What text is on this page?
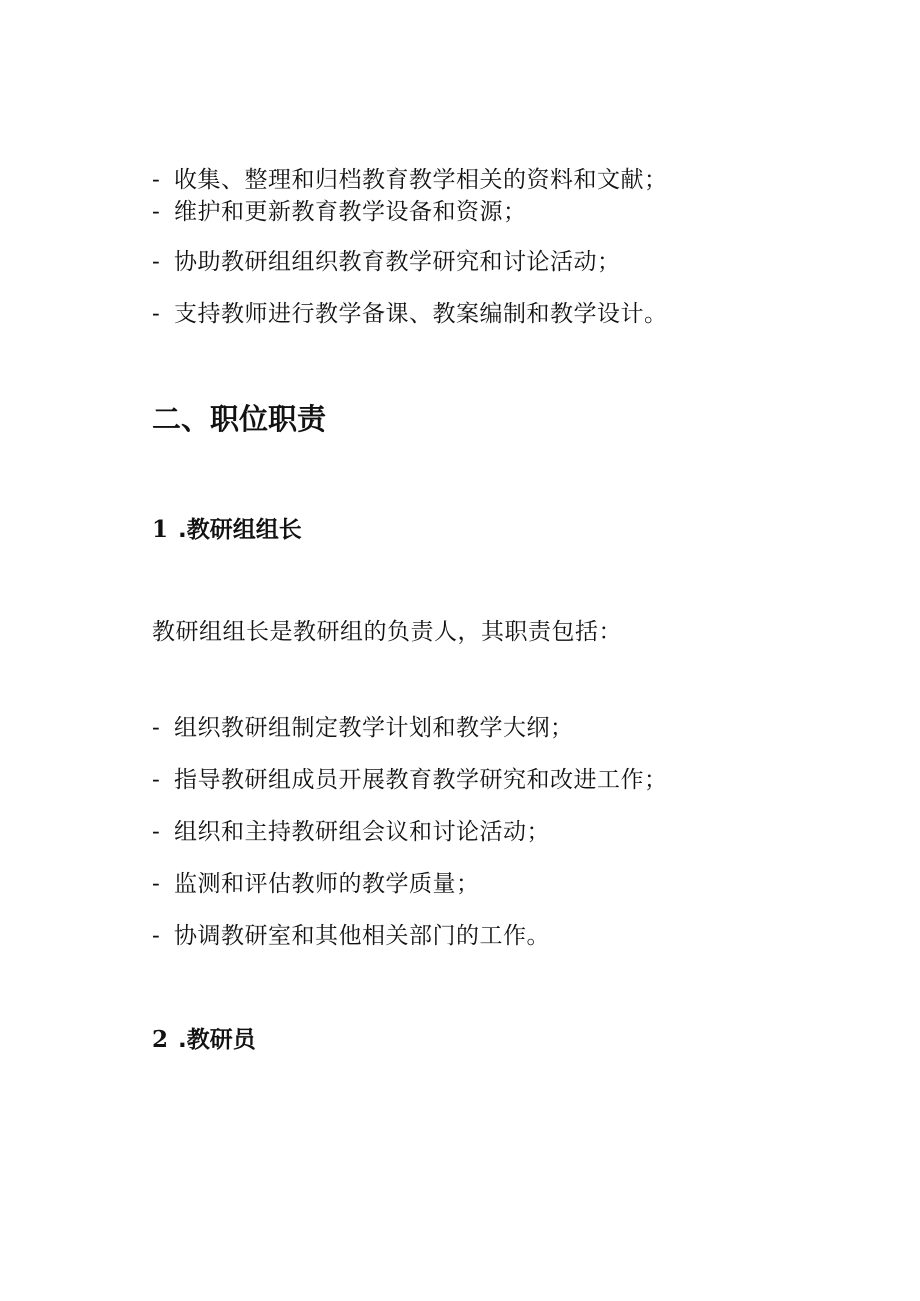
- 收集、整理和归档教育教学相关的资料和文献；
- 维护和更新教育教学设备和资源；
- 协助教研组组织教育教学研究和讨论活动；
- 支持教师进行教学备课、教案编制和教学设计。
二、职位职责
1 .教研组组长
教研组组长是教研组的负责人，其职责包括：
- 组织教研组制定教学计划和教学大纲；
- 指导教研组成员开展教育教学研究和改进工作；
- 组织和主持教研组会议和讨论活动；
- 监测和评估教师的教学质量；
- 协调教研室和其他相关部门的工作。
2 .教研员
